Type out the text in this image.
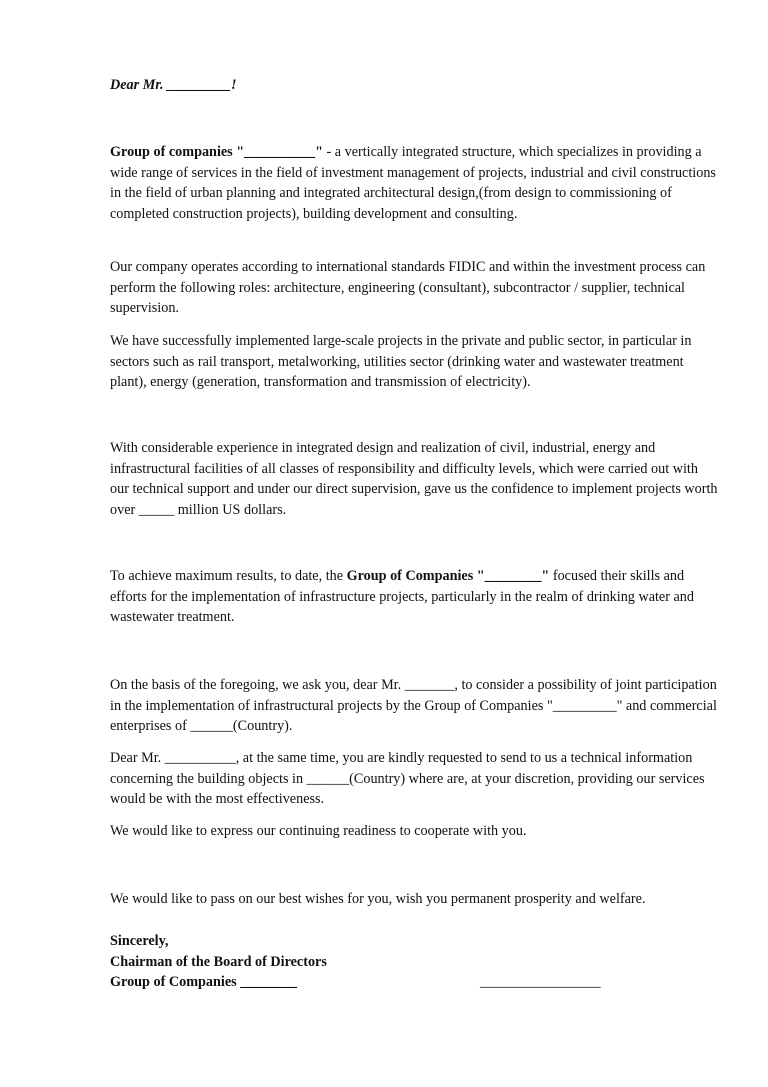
Dear Mr. _________!

Group of companies "__________" - a vertically integrated structure, which specializes in providing a wide range of services in the field of investment management of projects, industrial and civil constructions in the field of urban planning and integrated architectural design,(from design to commissioning of completed construction projects), building development and consulting.

Our company operates according to international standards FIDIC and within the investment process can perform the following roles: architecture, engineering (consultant), subcontractor / supplier, technical supervision.

We have successfully implemented large-scale projects in the private and public sector, in particular in sectors such as rail transport, metalworking, utilities sector (drinking water and wastewater treatment plant), energy (generation, transformation and transmission of electricity).

With considerable experience in integrated design and realization of civil, industrial, energy and infrastructural facilities of all classes of responsibility and difficulty levels, which were carried out with our technical support and under our direct supervision, gave us the confidence to implement projects worth over _____ million US dollars.

To achieve maximum results, to date, the Group of Companies "________" focused their skills and efforts for the implementation of infrastructure projects, particularly in the realm of drinking water and wastewater treatment.

On the basis of the foregoing, we ask you, dear Mr. _______, to consider a possibility of joint participation in the implementation of infrastructural projects by the Group of Companies "_________" and commercial enterprises of ______(Country).

Dear Mr. __________, at the same time, you are kindly requested to send to us a technical information concerning the building objects in ______(Country) where are, at your discretion, providing our services would be with the most effectiveness.

We would like to express our continuing readiness to cooperate with you.

We would like to pass on our best wishes for you, wish you permanent prosperity and welfare.

Sincerely,
Chairman of the Board of Directors
Group of Companies ________	_________________
